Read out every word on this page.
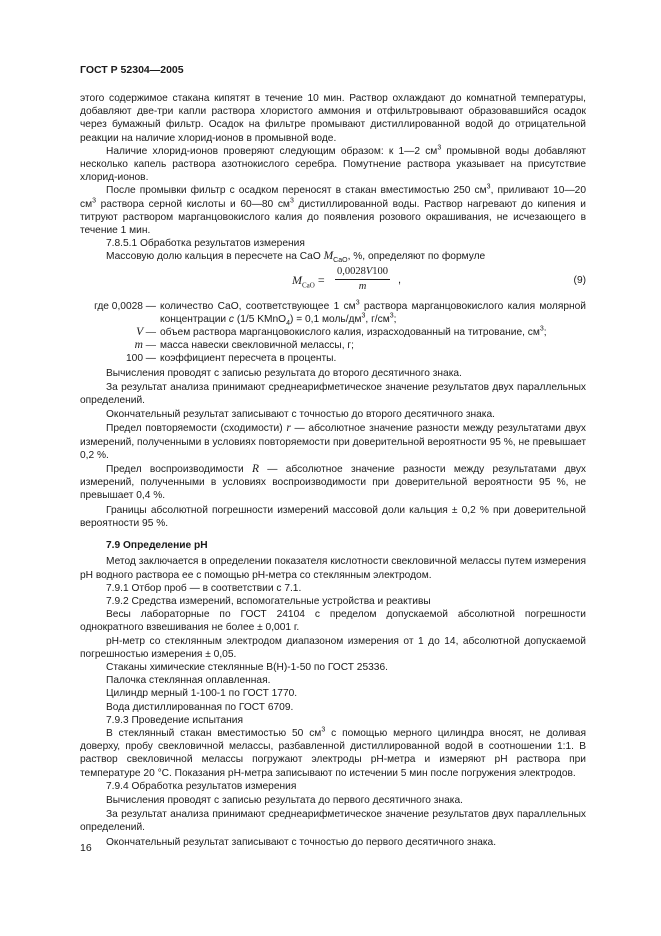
ГОСТ Р 52304—2005

этого содержимое стакана кипятят в течение 10 мин. Раствор охлаждают до комнатной температуры, добавляют две-три капли раствора хлористого аммония и отфильтровывают образовавшийся осадок через бумажный фильтр. Осадок на фильтре промывают дистиллированной водой до отрицательной реакции на наличие хлорид-ионов в промывной воде.

Наличие хлорид-ионов проверяют следующим образом: к 1—2 $см^3$ промывной воды добавляют несколько капель раствора азотнокислого серебра. Помутнение раствора указывает на присутствие хлорид-ионов.

После промывки фильтр с осадком переносят в стакан вместимостью 250 $см^3$, приливают 10—20 $см^3$ раствора серной кислоты и 60—80 $см^3$ дистиллированной воды. Раствор нагревают до кипения и титруют раствором марганцовокислого калия до появления розового окрашивания, не исчезающего в течение 1 мин.

7.8.5.1 Обработка результатов измерения

Массовую долю кальция в пересчете на CaO $M_{CaO}$, %, определяют по формуле

$M_{CaO} = \frac{0,0028V100}{m}$ ,	(9)
где 0,0028 — количество CaO, соответствующее 1 $см^3$ раствора марганцовокислого калия молярной концентрации c (1/5 KMnO$_4$) = 0,1 моль/$дм^3$, $г/см^3$;
V — объем раствора марганцовокислого калия, израсходованный на титрование, $см^3$;
m — масса навески свекловичной мелассы, г;
100 — коэффициент пересчета в проценты.

Вычисления проводят с записью результата до второго десятичного знака.

За результат анализа принимают среднеарифметическое значение результатов двух параллельных определений.

Окончательный результат записывают с точностью до второго десятичного знака.

Предел повторяемости (сходимости) r — абсолютное значение разности между результатами двух измерений, полученными в условиях повторяемости при доверительной вероятности 95 %, не превышает 0,2 %.

Предел воспроизводимости R — абсолютное значение разности между результатами двух измерений, полученными в условиях воспроизводимости при доверительной вероятности 95 %, не превышает 0,4 %.

Границы абсолютной погрешности измерений массовой доли кальция ± 0,2 % при доверительной вероятности 95 %.

7.9 Определение pH

Метод заключается в определении показателя кислотности свекловичной мелассы путем измерения pH водного раствора ее с помощью pH-метра со стеклянным электродом.

7.9.1 Отбор проб — в соответствии с 7.1.

7.9.2 Средства измерений, вспомогательные устройства и реактивы

Весы лабораторные по ГОСТ 24104 с пределом допускаемой абсолютной погрешности однократного взвешивания не более ± 0,001 г.

pH-метр со стеклянным электродом диапазоном измерения от 1 до 14, абсолютной допускаемой погрешностью измерения ± 0,05.

Стаканы химические стеклянные В(Н)-1-50 по ГОСТ 25336.

Палочка стеклянная оплавленная.

Цилиндр мерный 1-100-1 по ГОСТ 1770.

Вода дистиллированная по ГОСТ 6709.

7.9.3 Проведение испытания

В стеклянный стакан вместимостью 50 $см^3$ с помощью мерного цилиндра вносят, не доливая доверху, пробу свекловичной мелассы, разбавленной дистиллированной водой в соотношении 1:1. В раствор свекловичной мелассы погружают электроды pH-метра и измеряют pH раствора при температуре 20 °С. Показания pH-метра записывают по истечении 5 мин после погружения электродов.

7.9.4 Обработка результатов измерения

Вычисления проводят с записью результата до первого десятичного знака.

За результат анализа принимают среднеарифметическое значение результатов двух параллельных определений.

Окончательный результат записывают с точностью до первого десятичного знака.

16
